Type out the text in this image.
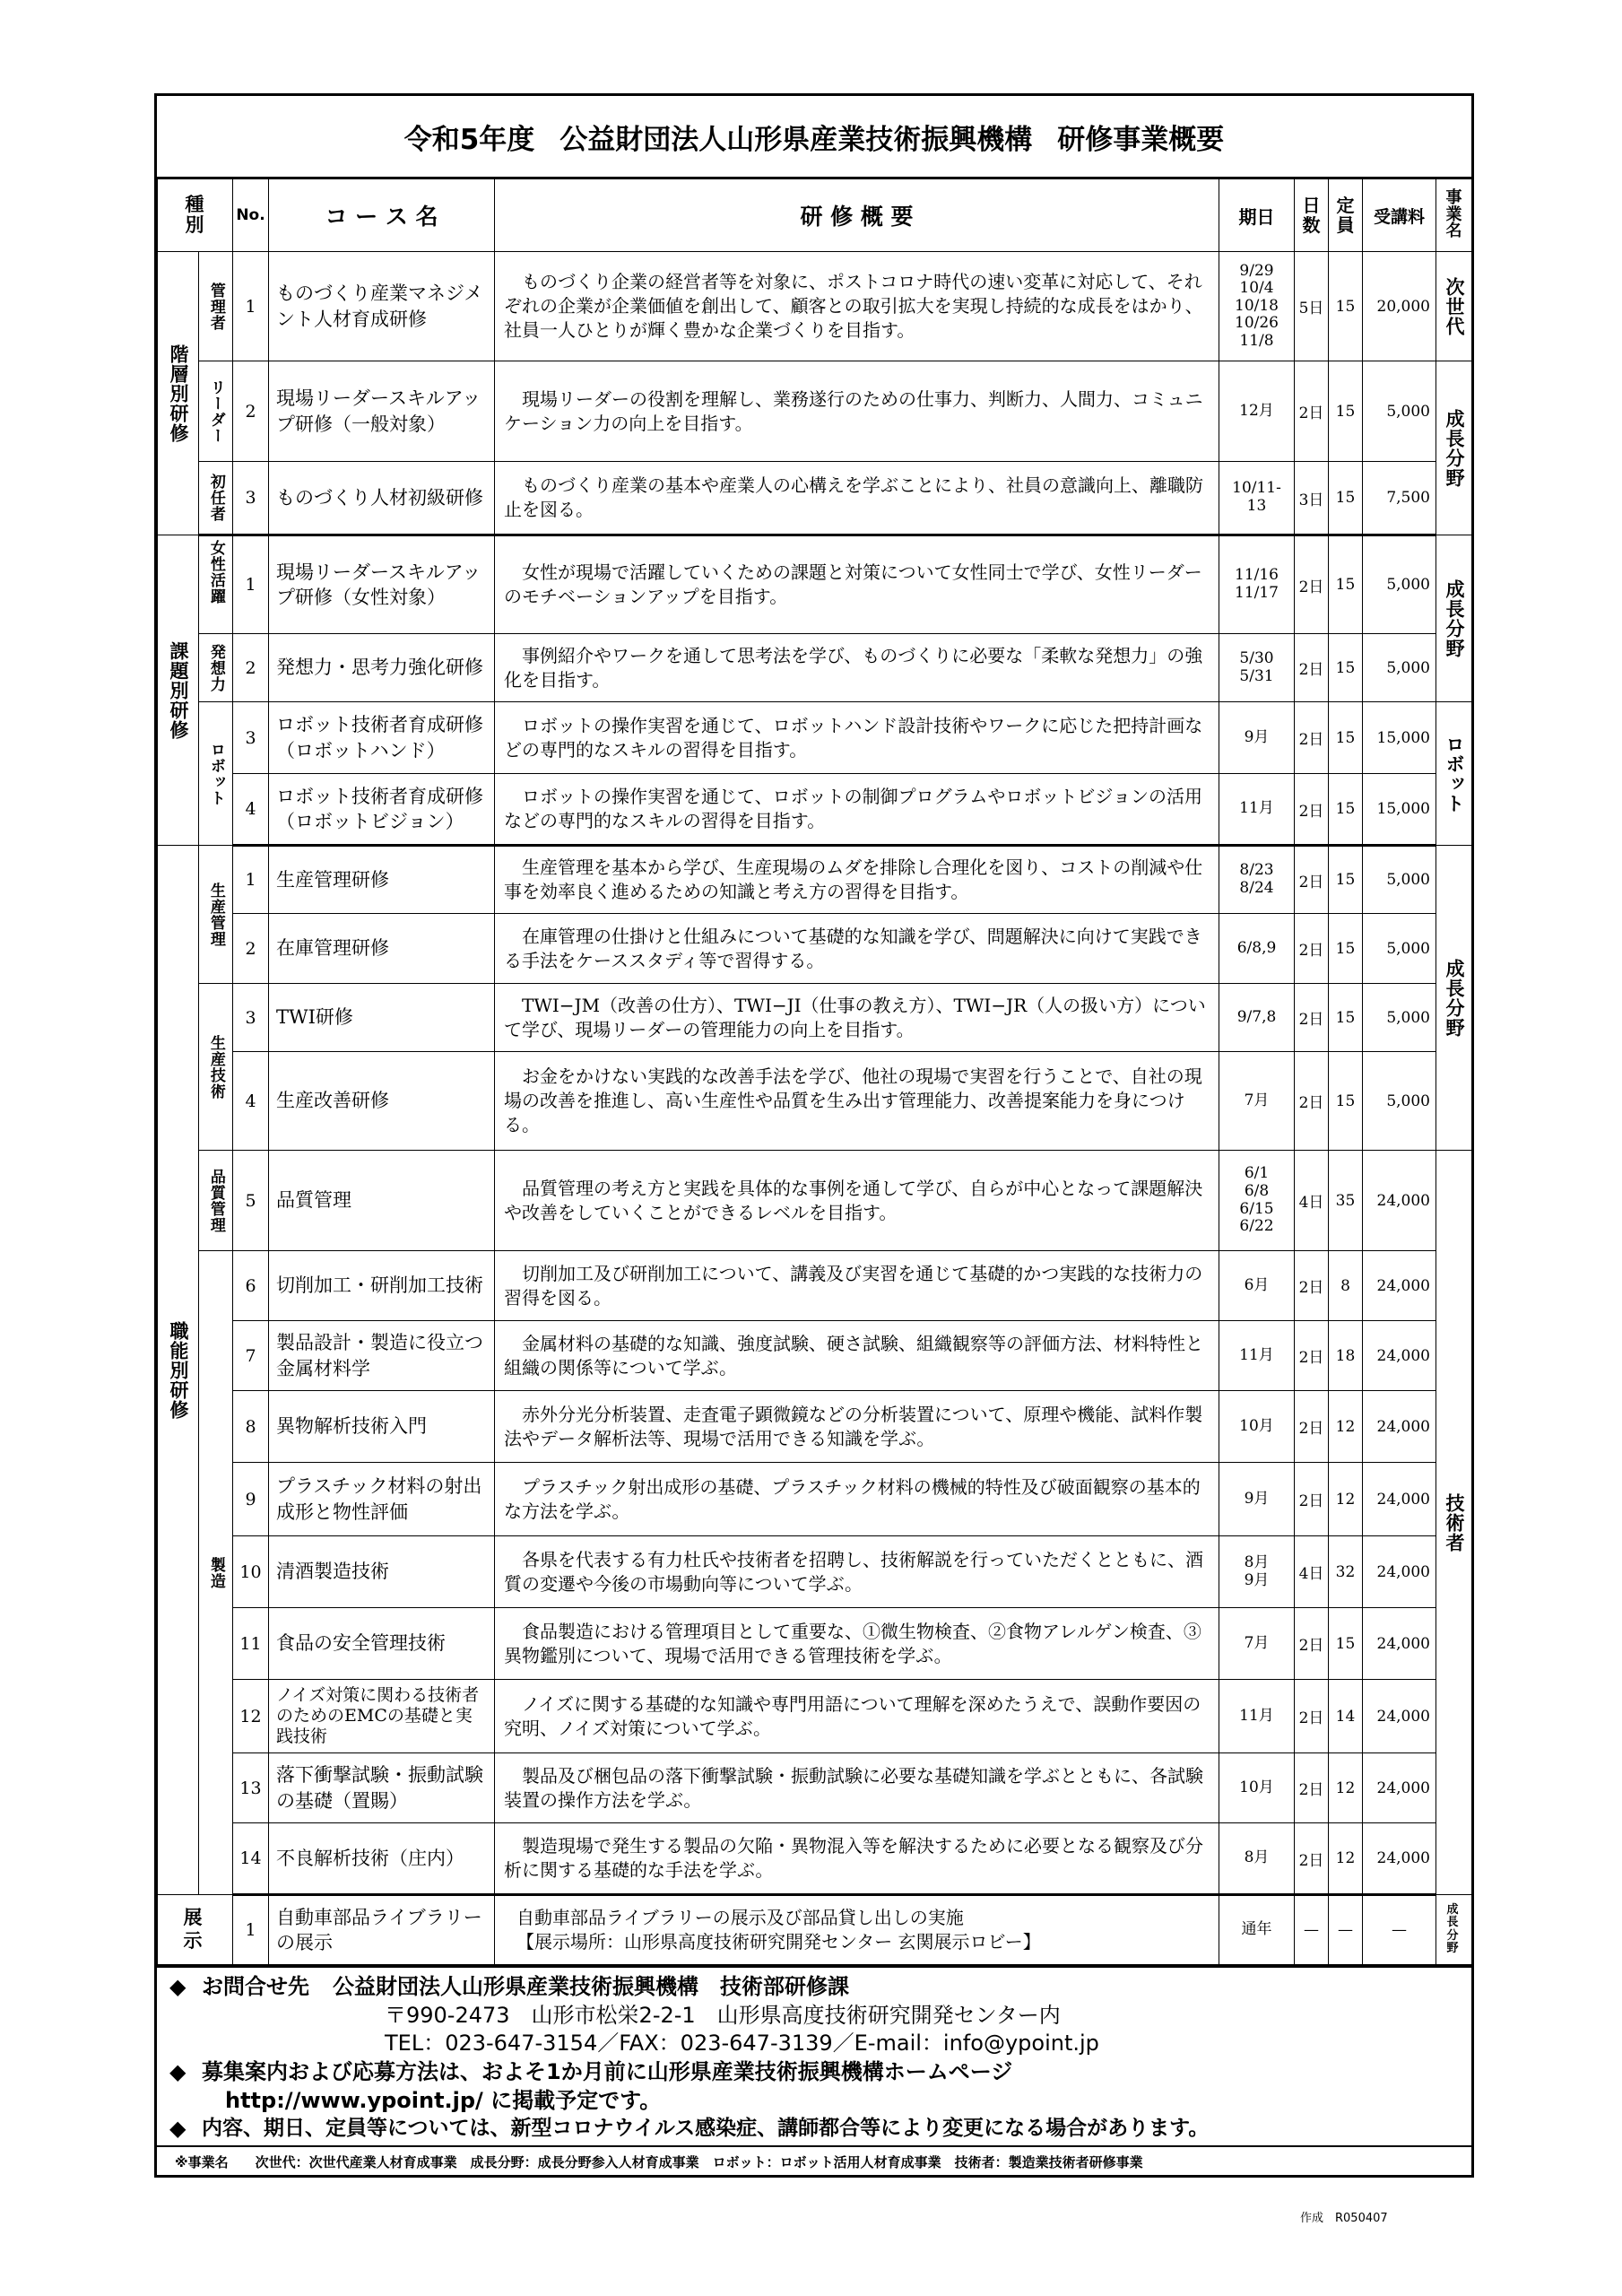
令和5年度 公益財団法人山形県産業技術振興機構 研修事業概要
種別		No.	コ ー ス 名	研 修 概 要	期日	日数	定員	受講料	事業名

階層別研修	管理者	1	ものづくり産業マネジメント人材育成研修	ものづくり企業の経営者等を対象に、ポストコロナ時代の速い変革に対応して、それぞれの企業が企業価値を創出して、顧客との取引拡大を実現し持続的な成長をはかり、社員一人ひとりが輝く豊かな企業づくりを目指す。	9/29
10/4
10/18
10/26
11/8	5日	15	20,000	次世代

	リーダー	2	現場リーダースキルアップ研修（一般対象）	現場リーダーの役割を理解し、業務遂行のための仕事力、判断力、人間力、コミュニケーション力の向上を目指す。	12月	2日	15	5,000	成長分野

	初任者	3	ものづくり人材初級研修	ものづくり産業の基本や産業人の心構えを学ぶことにより、社員の意識向上、離職防止を図る。	10/11-
13	3日	15	7,500	

課題別研修	女性活躍	1	現場リーダースキルアップ研修（女性対象）	女性が現場で活躍していくための課題と対策について女性同士で学び、女性リーダーのモチベーションアップを目指す。	11/16
11/17	2日	15	5,000	成長分野

	発想力	2	発想力・思考力強化研修	事例紹介やワークを通して思考法を学び、ものづくりに必要な「柔軟な発想力」の強化を目指す。	5/30
5/31	2日	15	5,000	

	ロボット	3	ロボット技術者育成研修（ロボットハンド）	ロボットの操作実習を通じて、ロボットハンド設計技術やワークに応じた把持計画などの専門的なスキルの習得を目指す。	9月	2日	15	15,000	ロボット

		4	ロボット技術者育成研修（ロボットビジョン）	ロボットの操作実習を通じて、ロボットの制御プログラムやロボットビジョンの活用などの専門的なスキルの習得を目指す。	11月	2日	15	15,000	

職能別研修	生産管理	1	生産管理研修	生産管理を基本から学び、生産現場のムダを排除し合理化を図り、コストの削減や仕事を効率良く進めるための知識と考え方の習得を目指す。	8/23
8/24	2日	15	5,000	成長分野

		2	在庫管理研修	在庫管理の仕掛けと仕組みについて基礎的な知識を学び、問題解決に向けて実践できる手法をケーススタディ等で習得する。	6/8,9	2日	15	5,000	

	生産技術	3	TWI研修	TWI−JM（改善の仕方）、TWI−JI（仕事の教え方）、TWI−JR（人の扱い方）について学び、現場リーダーの管理能力の向上を目指す。	9/7,8	2日	15	5,000	
		4	生産改善研修	お金をかけない実践的な改善手法を学び、他社の現場で実習を行うことで、自社の現場の改善を推進し、高い生産性や品質を生み出す管理能力、改善提案能力を身につける。	7月	2日	15	5,000	

	品質管理	5	品質管理	品質管理の考え方と実践を具体的な事例を通して学び、自らが中心となって課題解決や改善をしていくことができるレベルを目指す。	6/1
6/8
6/15
6/22	4日	35	24,000	技術者

	製造	6	切削加工・研削加工技術	切削加工及び研削加工について、講義及び実習を通じて基礎的かつ実践的な技術力の習得を図る。	6月	2日	8	24,000	
		7	製品設計・製造に役立つ金属材料学	金属材料の基礎的な知識、強度試験、硬さ試験、組織観察等の評価方法、材料特性と組織の関係等について学ぶ。	11月	2日	18	24,000	
		8	異物解析技術入門	赤外分光分析装置、走査電子顕微鏡などの分析装置について、原理や機能、試料作製法やデータ解析法等、現場で活用できる知識を学ぶ。	10月	2日	12	24,000	
		9	プラスチック材料の射出成形と物性評価	プラスチック射出成形の基礎、プラスチック材料の機械的特性及び破面観察の基本的な方法を学ぶ。	9月	2日	12	24,000	
		10	清酒製造技術	各県を代表する有力杜氏や技術者を招聘し、技術解説を行っていただくとともに、酒質の変遷や今後の市場動向等について学ぶ。	8月
9月	4日	32	24,000	
		11	食品の安全管理技術	食品製造における管理項目として重要な、①微生物検査、②食物アレルゲン検査、③異物鑑別について、現場で活用できる管理技術を学ぶ。	7月	2日	15	24,000	
		12	ノイズ対策に関わる技術者のためのEMCの基礎と実践技術	ノイズに関する基礎的な知識や専門用語について理解を深めたうえで、誤動作要因の究明、ノイズ対策について学ぶ。	11月	2日	14	24,000	
		13	落下衝撃試験・振動試験の基礎（置賜）	製品及び梱包品の落下衝撃試験・振動試験に必要な基礎知識を学ぶとともに、各試験装置の操作方法を学ぶ。	10月	2日	12	24,000	
		14	不良解析技術（庄内）	製造現場で発生する製品の欠陥・異物混入等を解決するために必要となる観察及び分析に関する基礎的な手法を学ぶ。	8月	2日	12	24,000	

展示		1	自動車部品ライブラリーの展示	自動車部品ライブラリーの展示及び部品貸し出しの実施
【展示場所：山形県高度技術研究開発センター 玄関展示ロビー】	通年	—	—	—	成長分野
◆ お問合せ先 公益財団法人山形県産業技術振興機構　技術部研修課
〒990-2473　山形市松栄2-2-1　山形県高度技術研究開発センター内
TEL：023-647-3154／FAX：023-647-3139／E-mail：info@ypoint.jp
◆ 募集案内および応募方法は、およそ1か月前に山形県産業技術振興機構ホームページ
http://www.ypoint.jp/ に掲載予定です。
◆ 内容、期日、定員等については、新型コロナウイルス感染症、講師都合等により変更になる場合があります。
※事業名　　次世代：次世代産業人材育成事業　成長分野：成長分野参入人材育成事業　ロボット：ロボット活用人材育成事業　技術者：製造業技術者研修事業
作成　R050407
